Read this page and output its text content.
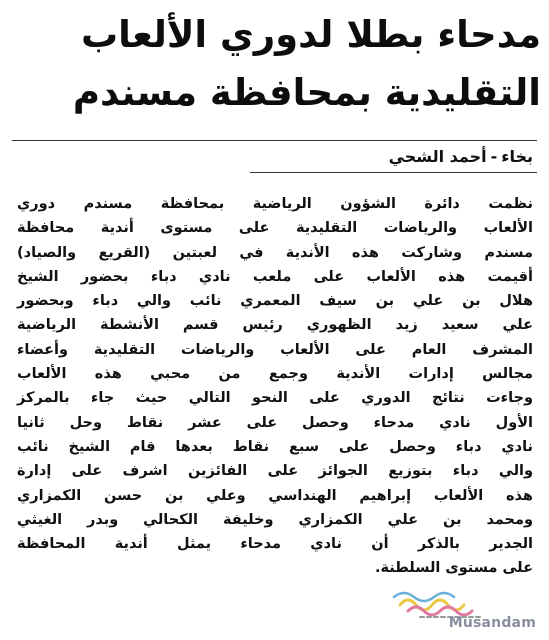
مدحاء بطلا لدوري الألعاب
التقليدية بمحافظة مسندم
بخاء-أحمد الشحي
نظمت دائرة الشؤون الرياضية بمحافظة مسندم دوري
الألعاب والرياضات التقليدية على مستوى أندية محافظة
مسندم وشاركت هذه الأندية في لعبتين (القريع والصياد)
أقيمت هذه الألعاب على ملعب نادي دباء بحضور الشيخ
هلال بن علي بن سيف المعمري نائب والي دباء وبحضور
علي سعيد زيد الظهوري رئيس قسم الأنشطة الرياضية
المشرف العام على الألعاب والرياضات التقليدية وأعضاء
مجالس إدارات الأندية وجمع من محبي هذه الألعاب
وجاءت نتائج الدوري على النحو التالي حيث جاء بالمركز
الأول نادي مدحاء وحصل على عشر نقاط وحل ثانيا
نادي دباء وحصل على سبع نقاط بعدها قام الشيخ نائب
والي دباء بتوزيع الجوائز على الفائزين اشرف على إدارة
هذه الألعاب إبراهيم الهنداسي وعلي بن حسن الكمزاري
ومحمد بن علي الكمزاري وخليفة الكحالي وبدر الغيثي
الجدير بالذكر أن نادي مدحاء يمثل أندية المحافظة
على مستوى السلطنة.
Musandam
